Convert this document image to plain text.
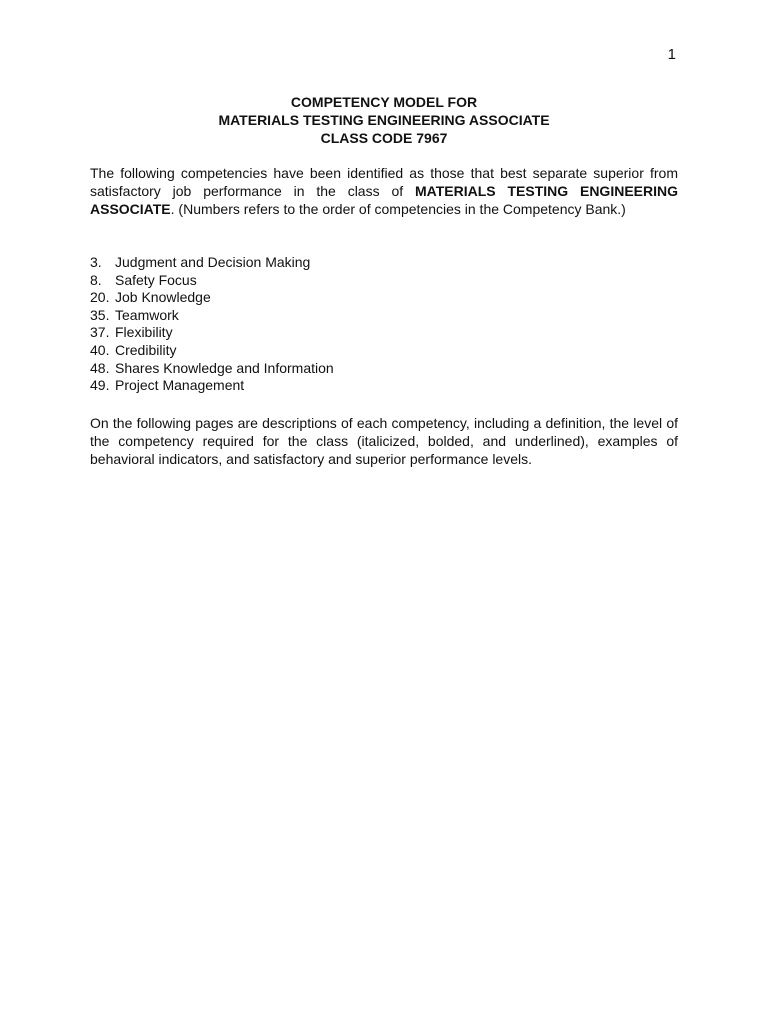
1
COMPETENCY MODEL FOR
MATERIALS TESTING ENGINEERING ASSOCIATE
CLASS CODE 7967

The following competencies have been identified as those that best separate superior from satisfactory job performance in the class of MATERIALS TESTING ENGINEERING ASSOCIATE. (Numbers refers to the order of competencies in the Competency Bank.)

3. Judgment and Decision Making
8. Safety Focus
20. Job Knowledge
35. Teamwork
37. Flexibility
40. Credibility
48. Shares Knowledge and Information
49. Project Management

On the following pages are descriptions of each competency, including a definition, the level of the competency required for the class (italicized, bolded, and underlined), examples of behavioral indicators, and satisfactory and superior performance levels.
